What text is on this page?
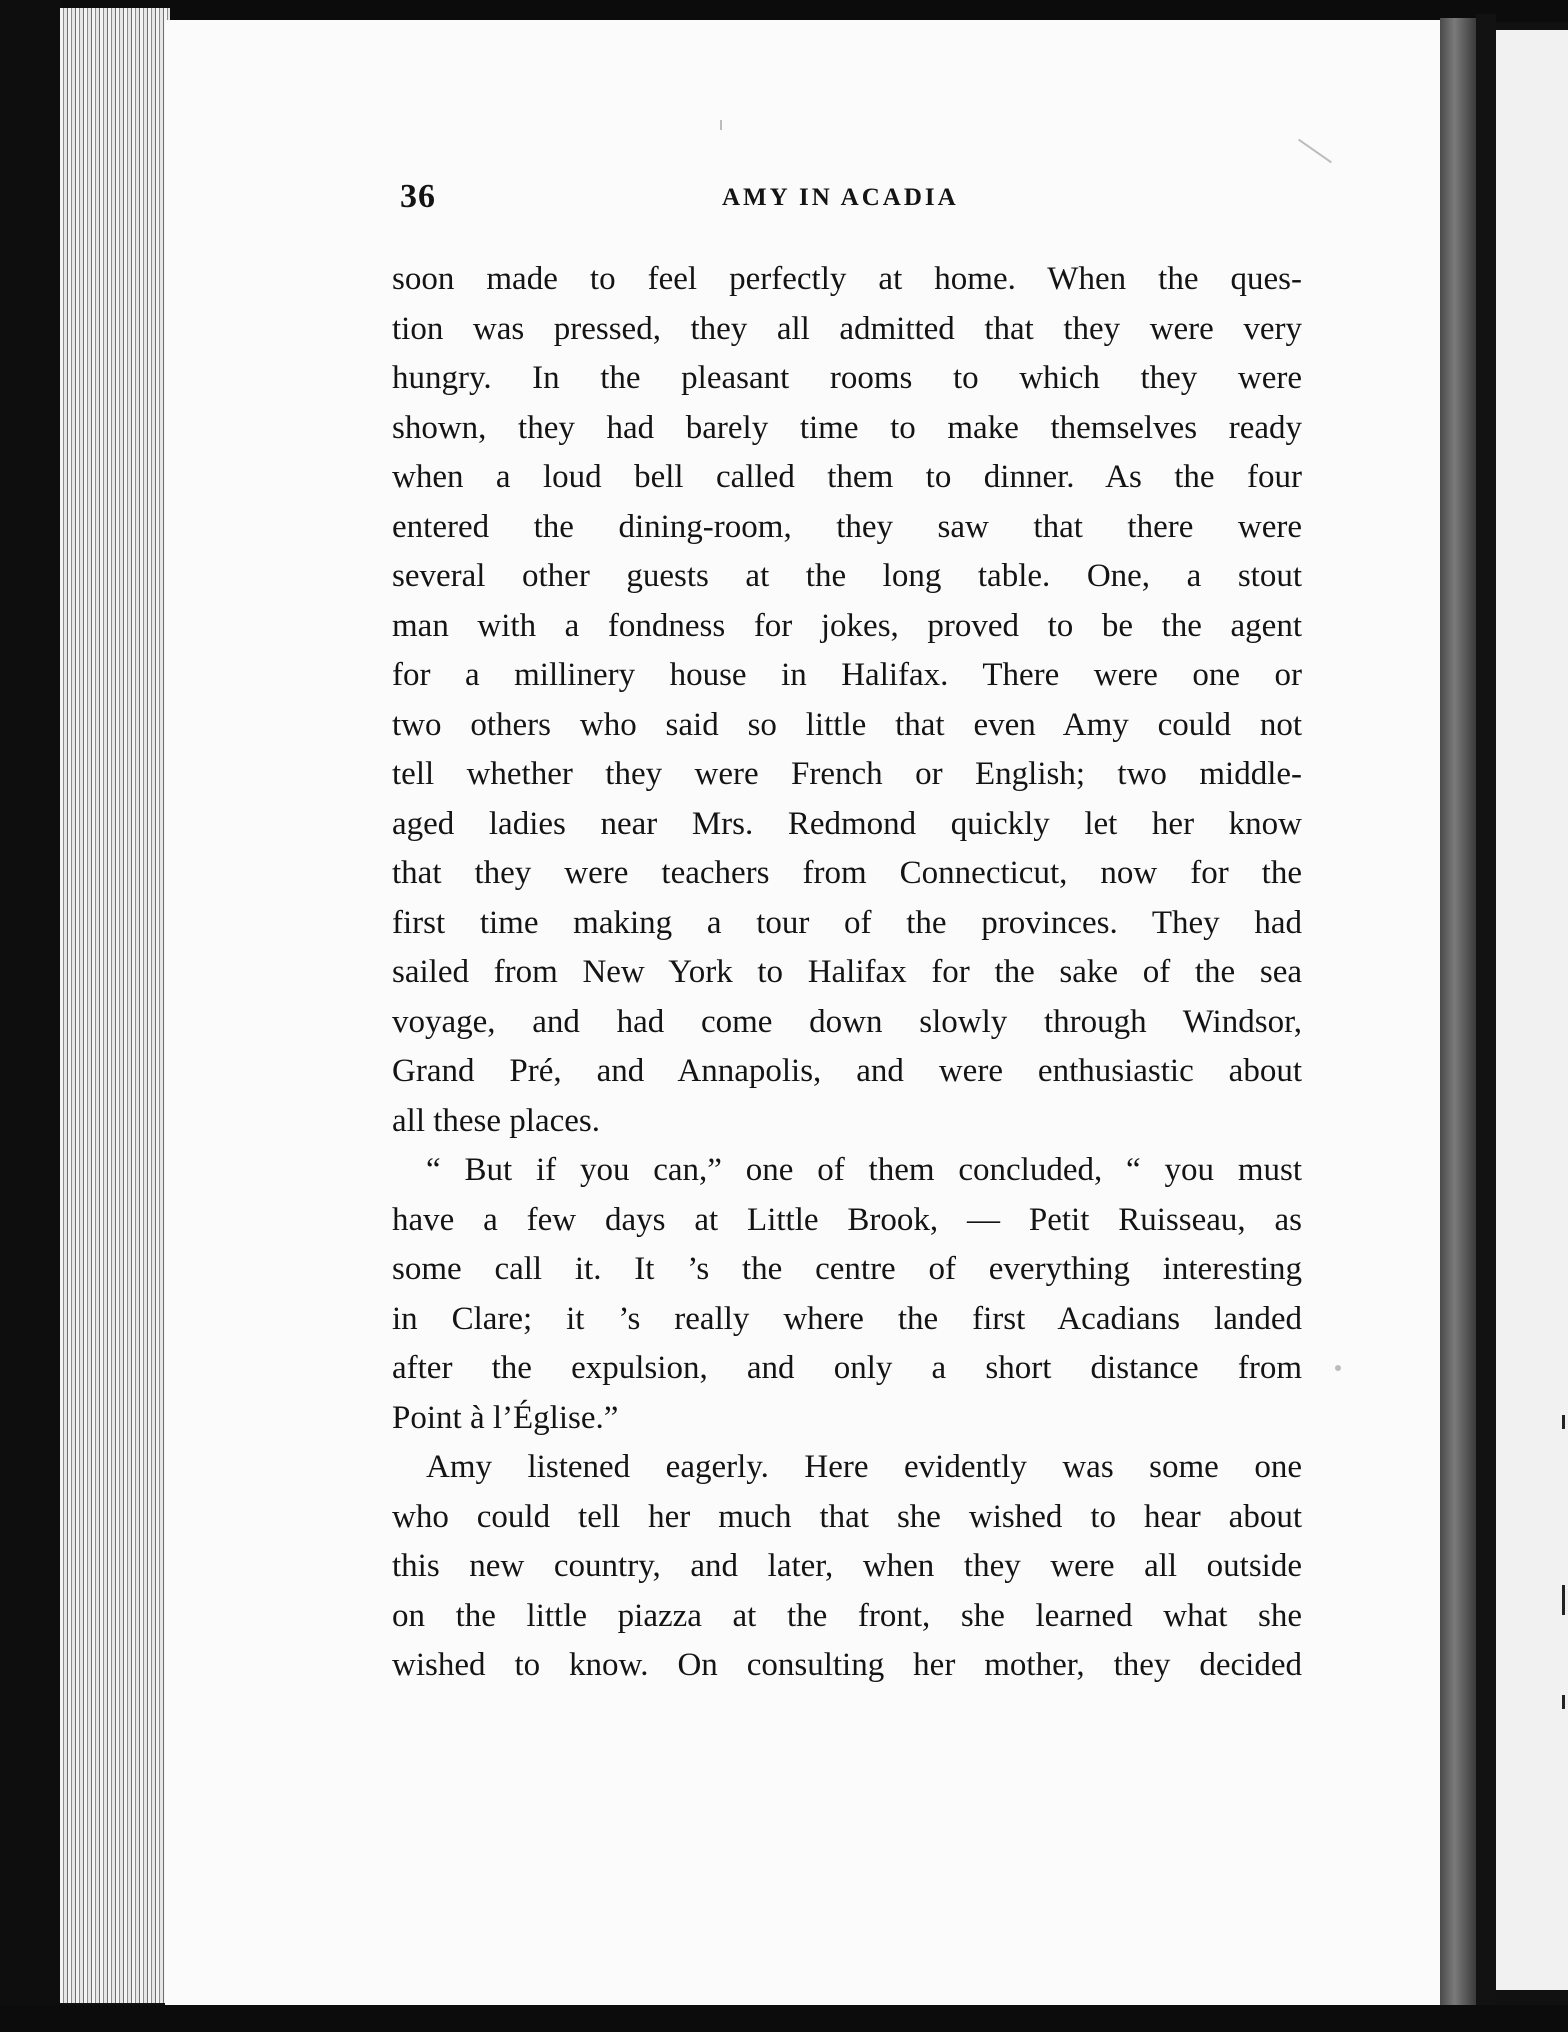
36	AMY IN ACADIA
soon made to feel perfectly at home. When the ques-
tion was pressed, they all admitted that they were very
hungry. In the pleasant rooms to which they were
shown, they had barely time to make themselves ready
when a loud bell called them to dinner. As the four
entered the dining-room, they saw that there were
several other guests at the long table. One, a stout
man with a fondness for jokes, proved to be the agent
for a millinery house in Halifax. There were one or
two others who said so little that even Amy could not
tell whether they were French or English; two middle-
aged ladies near Mrs. Redmond quickly let her know
that they were teachers from Connecticut, now for the
first time making a tour of the provinces. They had
sailed from New York to Halifax for the sake of the sea
voyage, and had come down slowly through Windsor,
Grand Pré, and Annapolis, and were enthusiastic about
all these places.
“ But if you can,” one of them concluded, “ you must
have a few days at Little Brook, — Petit Ruisseau, as
some call it. It ’s the centre of everything interesting
in Clare; it ’s really where the first Acadians landed
after the expulsion, and only a short distance from
Point à l’Église.”
Amy listened eagerly. Here evidently was some one
who could tell her much that she wished to hear about
this new country, and later, when they were all outside
on the little piazza at the front, she learned what she
wished to know. On consulting her mother, they decided
